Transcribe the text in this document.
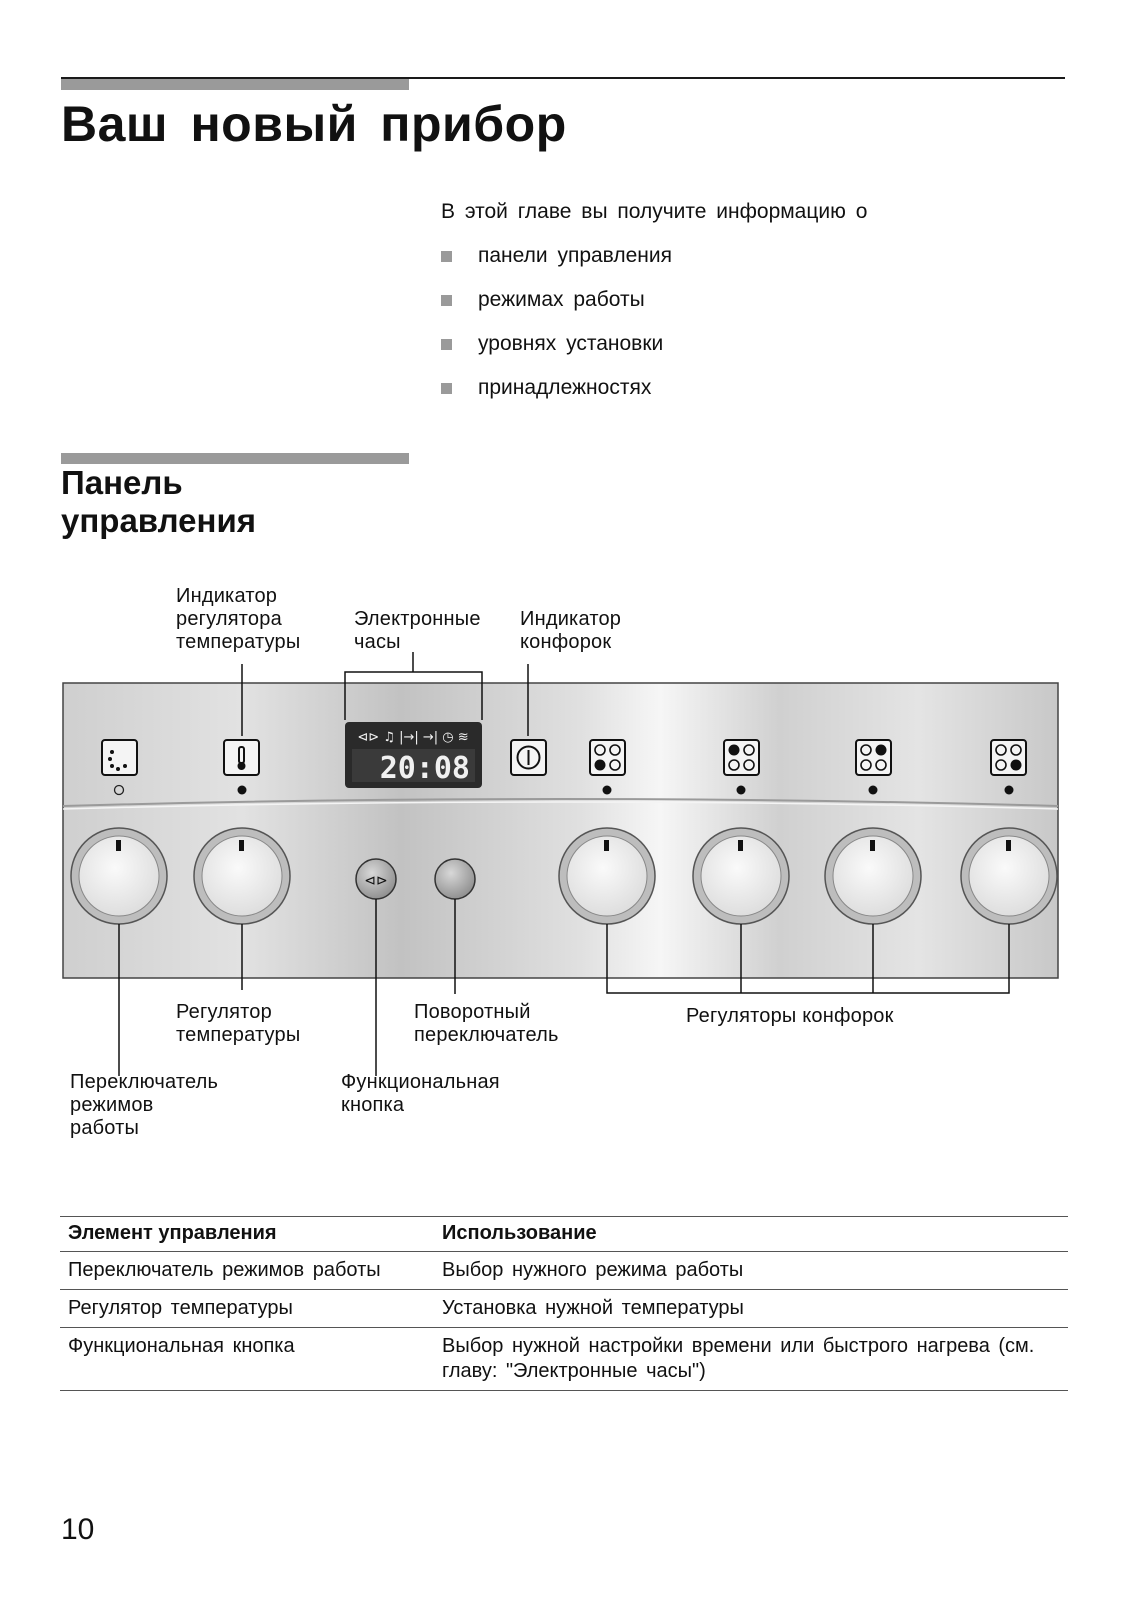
Ваш новый прибор
В этой главе вы получите информацию о
панели управления
режимах работы
уровнях установки
принадлежностях
Панель
управления
⊲⊳ ♫ |→| →| ◷ ≋
20:08
⊲⊳
Индикатор
регулятора
температуры
Электронные
часы
Индикатор
конфорок
Регулятор
температуры
Поворотный
переключатель
Регуляторы конфорок
Переключатель
режимов
работы
Функциональная
кнопка
Элемент управления	Использование
Переключатель режимов работы	Выбор нужного режима работы
Регулятор температуры	Установка нужной температуры
Функциональная кнопка	Выбор нужной настройки времени или быстрого нагрева (см. главу: "Электронные часы")
10
